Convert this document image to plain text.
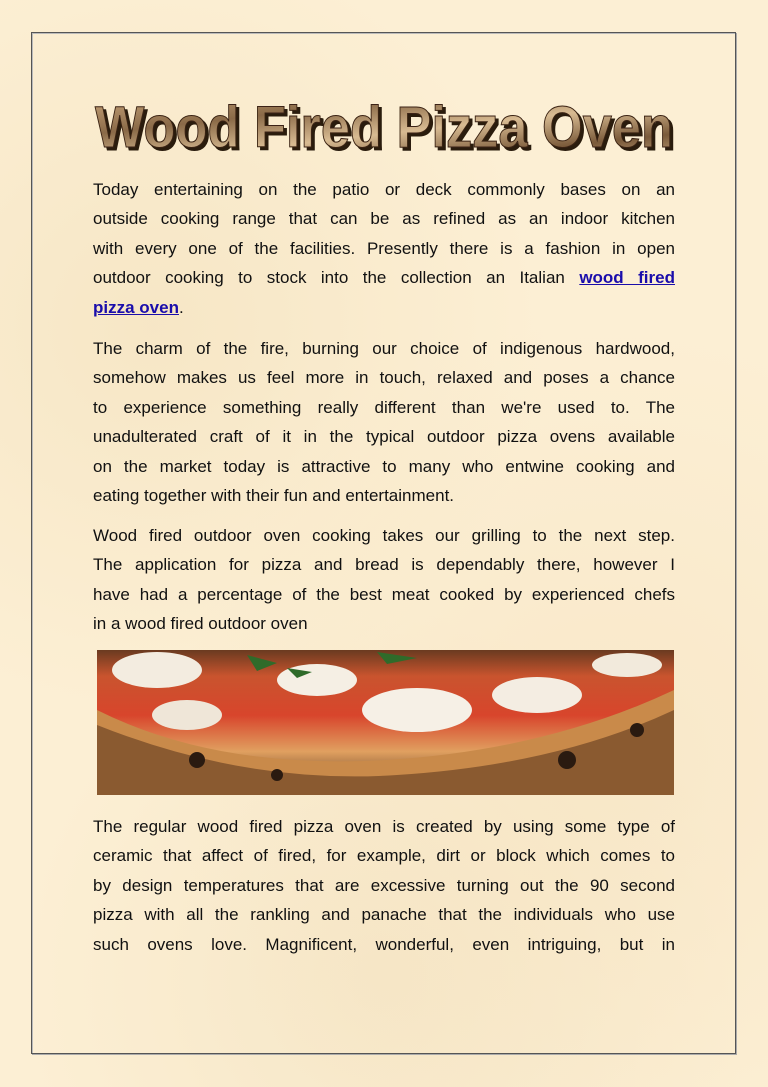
Wood Fired Pizza Oven
Today entertaining on the patio or deck commonly bases on an
outside cooking range that can be as refined as an indoor kitchen
with every one of the facilities. Presently there is a fashion in open
outdoor cooking to stock into the collection an Italian wood fired
pizza oven.
The charm of the fire, burning our choice of indigenous hardwood,
somehow makes us feel more in touch, relaxed and poses a chance
to experience something really different than we're used to. The
unadulterated craft of it in the typical outdoor pizza ovens available
on the market today is attractive to many who entwine cooking and
eating together with their fun and entertainment.
Wood fired outdoor oven cooking takes our grilling to the next step.
The application for pizza and bread is dependably there, however I
have had a percentage of the best meat cooked by experienced chefs
in a wood fired outdoor oven
The regular wood fired pizza oven is created by using some type of
ceramic that affect of fired, for example, dirt or block which comes to
by design temperatures that are excessive turning out the 90 second
pizza with all the rankling and panache that the individuals who use
such ovens love. Magnificent, wonderful, even intriguing, but in
